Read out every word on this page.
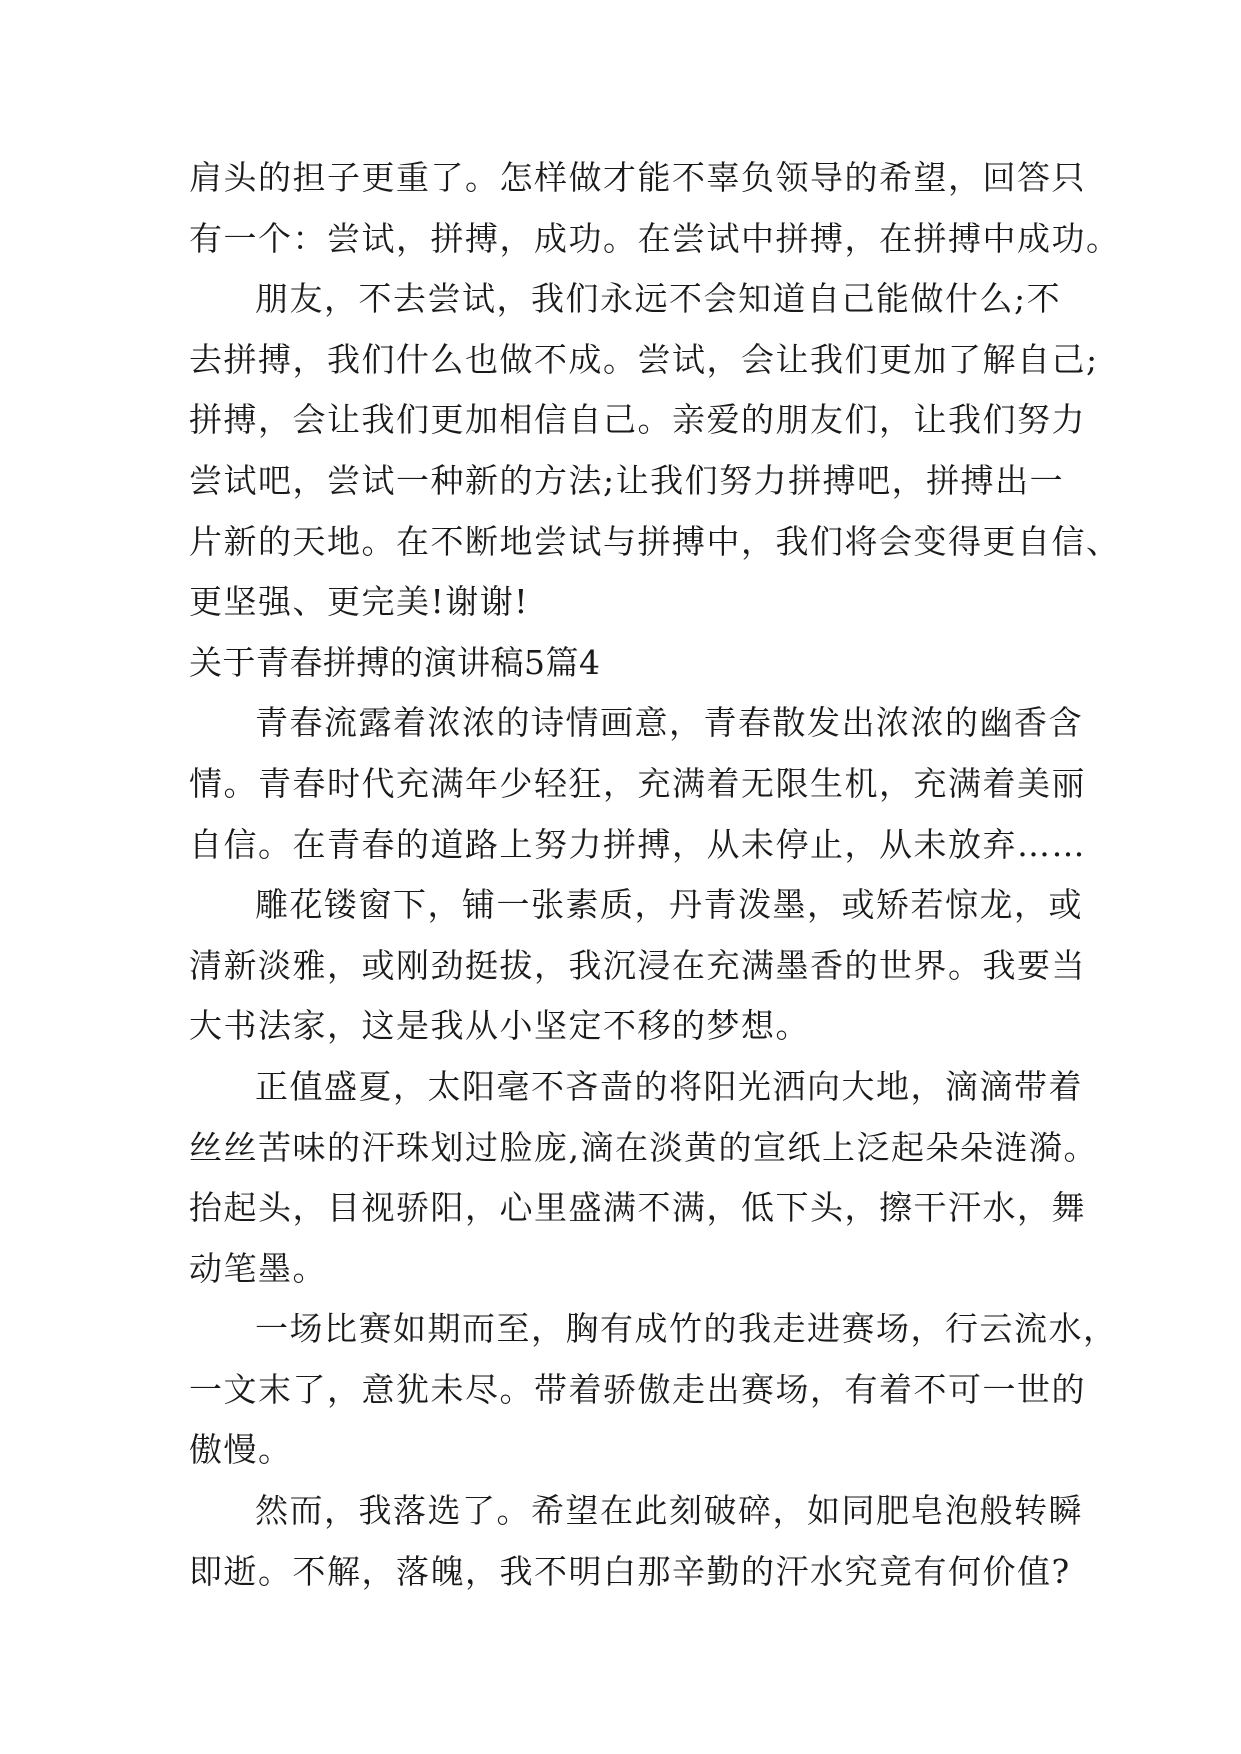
肩头的担子更重了。怎样做才能不辜负领导的希望，回答只
有一个：尝试，拼搏，成功。在尝试中拼搏，在拼搏中成功。
朋友，不去尝试，我们永远不会知道自己能做什么;不
去拼搏，我们什么也做不成。尝试，会让我们更加了解自己;
拼搏，会让我们更加相信自己。亲爱的朋友们，让我们努力
尝试吧，尝试一种新的方法;让我们努力拼搏吧，拼搏出一
片新的天地。在不断地尝试与拼搏中，我们将会变得更自信、
更坚强、更完美!谢谢!
关于青春拼搏的演讲稿5篇4
青春流露着浓浓的诗情画意，青春散发出浓浓的幽香含
情。青春时代充满年少轻狂，充满着无限生机，充满着美丽
自信。在青春的道路上努力拼搏，从未停止，从未放弃……
雕花镂窗下，铺一张素质，丹青泼墨，或矫若惊龙，或
清新淡雅，或刚劲挺拔，我沉浸在充满墨香的世界。我要当
大书法家，这是我从小坚定不移的梦想。
正值盛夏，太阳毫不吝啬的将阳光洒向大地，滴滴带着
丝丝苦味的汗珠划过脸庞,滴在淡黄的宣纸上泛起朵朵涟漪。
抬起头，目视骄阳，心里盛满不满，低下头，擦干汗水，舞
动笔墨。
一场比赛如期而至，胸有成竹的我走进赛场，行云流水，
一文末了，意犹未尽。带着骄傲走出赛场，有着不可一世的
傲慢。
然而，我落选了。希望在此刻破碎，如同肥皂泡般转瞬
即逝。不解，落魄，我不明白那辛勤的汗水究竟有何价值?
